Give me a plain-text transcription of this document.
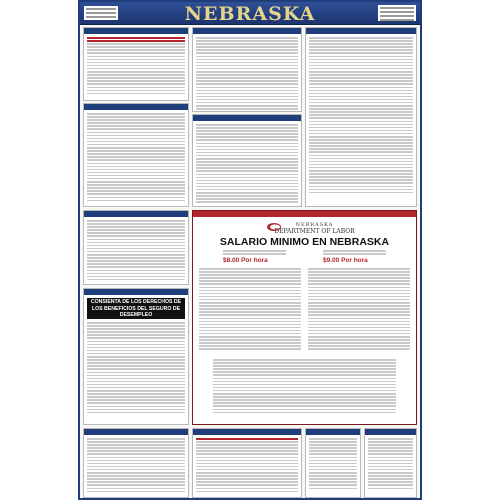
NEBRASKA
NEBRASKA
DEPARTMENT OF LABOR
SALARIO MINIMO EN NEBRASKA
$8.00 Por hora	$9.00 Por hora
CONSIENTA DE LOS DERECHOS DE LOS BENEFICIOS DEL SEGURO DE DESEMPLEO
